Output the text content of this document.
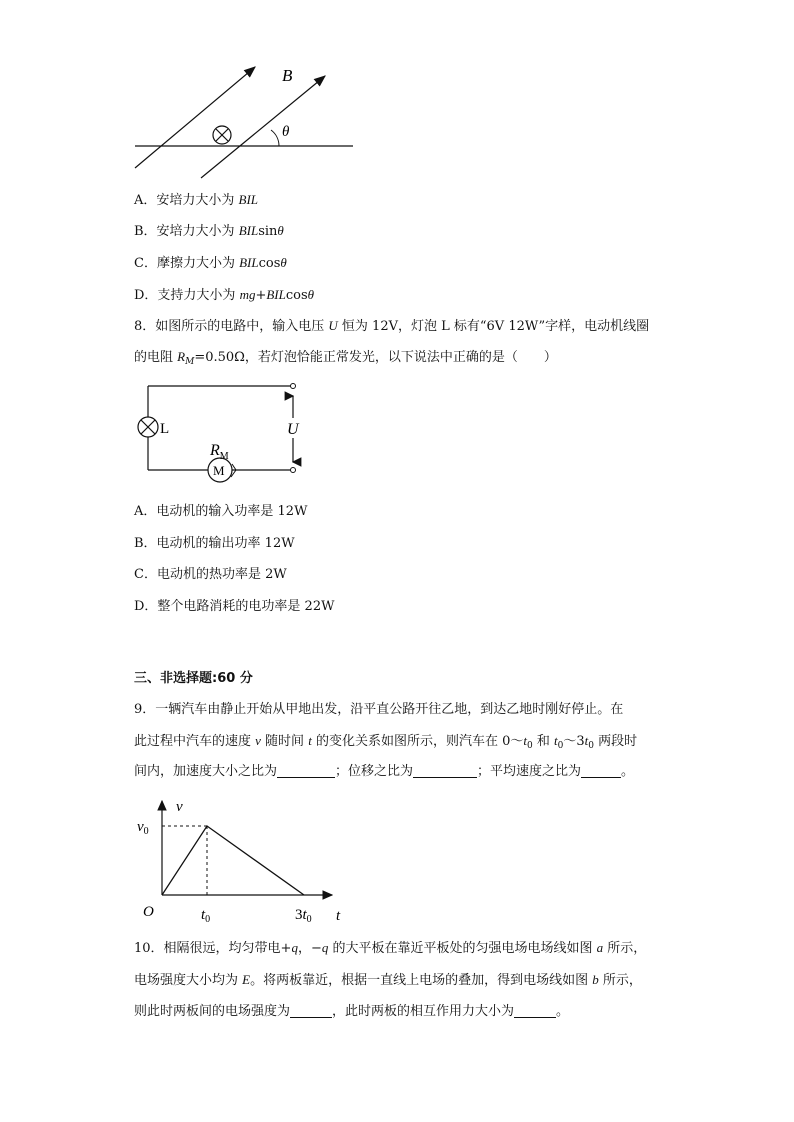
B
θ
A．安培力大小为 BIL
B．安培力大小为 BILsinθ
C．摩擦力大小为 BILcosθ
D．支持力大小为 mg+BILcosθ
8．如图所示的电路中，输入电压 U 恒为 12V，灯泡 L 标有“6V 12W”字样，电动机线圈
的电阻 $R_M=0.50\Omega$，若灯泡恰能正常发光，以下说法中正确的是（　　）
L
M
$R_M$
U
A．电动机的输入功率是 12W
B．电动机的输出功率 12W
C．电动机的热功率是 2W
D．整个电路消耗的电功率是 22W
三、非选择题:60 分
9．一辆汽车由静止开始从甲地出发，沿平直公路开往乙地，到达乙地时刚好停止。在
此过程中汽车的速度 v 随时间 t 的变化关系如图所示，则汽车在 $0\sim t_0$ 和 $t_0\sim 3t_0$ 两段时
间内，加速度大小之比为	；位移之比为	；平均速度之比为	。
v
$v_0$
O	$t_0$	$3t_0$ t
10．相隔很远，均匀带电+q，−q 的大平板在靠近平板处的匀强电场电场线如图 a 所示，
电场强度大小均为 E。将两板靠近，根据一直线上电场的叠加，得到电场线如图 b 所示，
则此时两板间的电场强度为	，此时两板的相互作用力大小为	。
